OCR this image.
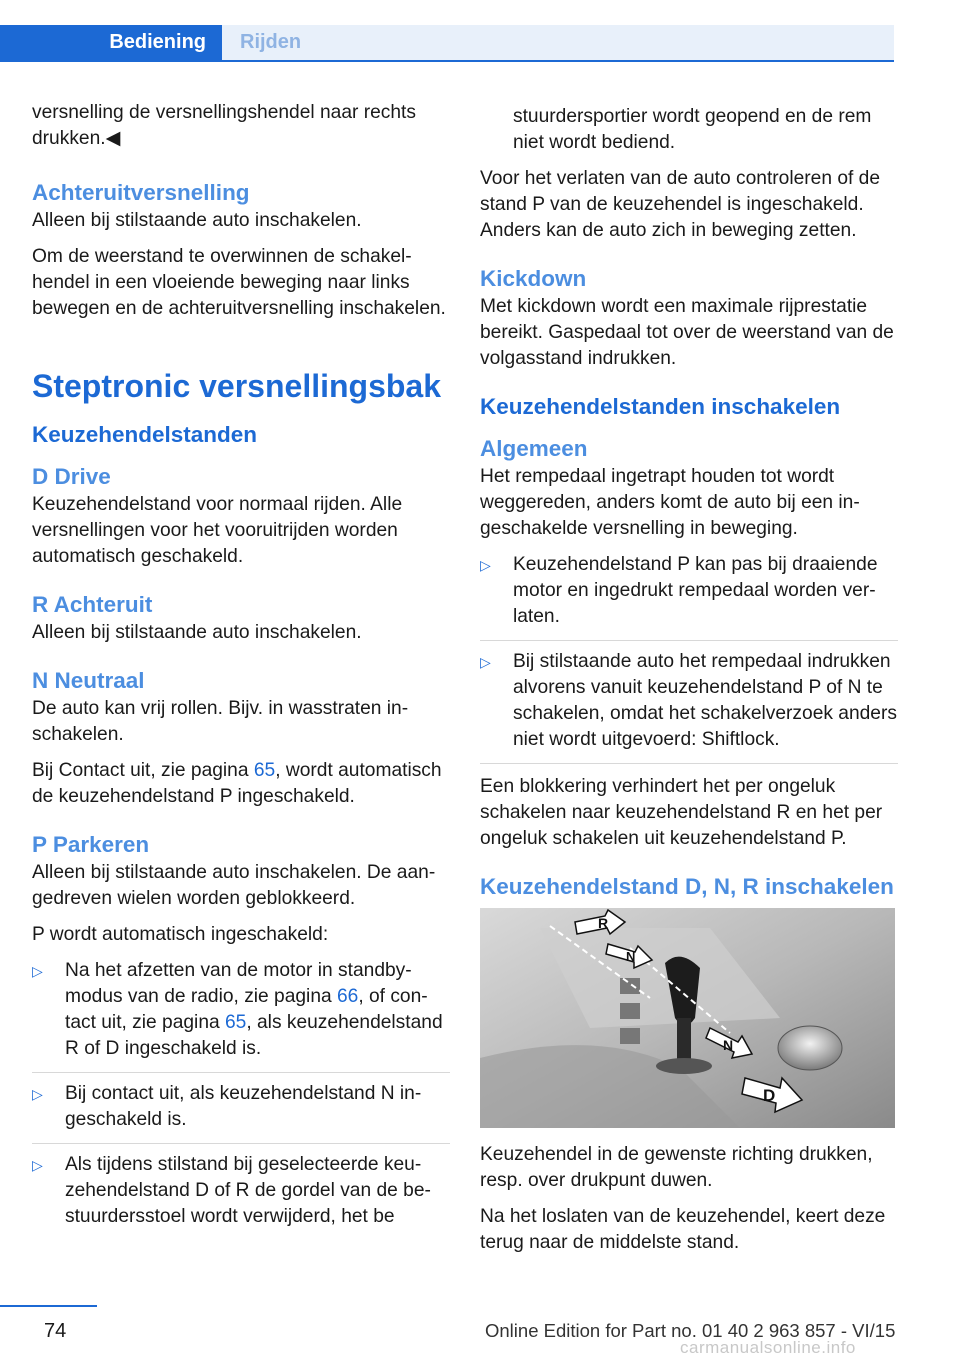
Bediening	Rijden

versnelling de versnellingshendel naar rechts drukken.◀

Achteruitversnelling

Alleen bij stilstaande auto inschakelen.

Om de weerstand te overwinnen de schakelhendel in een vloeiende beweging naar links bewegen en de achteruitversnelling inschakelen.

Steptronic versnellingsbak
Keuzehendelstanden
D Drive

Keuzehendelstand voor normaal rijden. Alle versnellingen voor het vooruitrijden worden automatisch geschakeld.

R Achteruit

Alleen bij stilstaande auto inschakelen.

N Neutraal

De auto kan vrij rollen. Bijv. in wasstraten inschakelen.

Bij Contact uit, zie pagina 65, wordt automatisch de keuzehendelstand P ingeschakeld.

P Parkeren

Alleen bij stilstaande auto inschakelen. De aangedreven wielen worden geblokkeerd.

P wordt automatisch ingeschakeld:

▷ Na het afzetten van de motor in standbymodus van de radio, zie pagina 66, of contact uit, zie pagina 65, als keuzehendelstand R of D ingeschakeld is.
▷ Bij contact uit, als keuzehendelstand N ingeschakeld is.
▷ Als tijdens stilstand bij geselecteerde keuzehendelstand D of R de gordel van de bestuurdersstoel wordt verwijderd, het be

stuurdersportier wordt geopend en de rem niet wordt bediend.

Voor het verlaten van de auto controleren of de stand P van de keuzehendel is ingeschakeld. Anders kan de auto zich in beweging zetten.

Kickdown

Met kickdown wordt een maximale rijprestatie bereikt. Gaspedaal tot over de weerstand van de volgasstand indrukken.

Keuzehendelstanden inschakelen
Algemeen

Het rempedaal ingetrapt houden tot wordt weggereden, anders komt de auto bij een ingeschakelde versnelling in beweging.

▷ Keuzehendelstand P kan pas bij draaiende motor en ingedrukt rempedaal worden verlaten.
▷ Bij stilstaande auto het rempedaal indrukken alvorens vanuit keuzehendelstand P of N te schakelen, omdat het schakelverzoek anders niet wordt uitgevoerd: Shiftlock.

Een blokkering verhindert het per ongeluk schakelen naar keuzehendelstand R en het per ongeluk schakelen uit keuzehendelstand P.

Keuzehendelstand D, N, R inschakelen
R
N
N
D

Keuzehendel in de gewenste richting drukken, resp. over drukpunt duwen.

Na het loslaten van de keuzehendel, keert deze terug naar de middelste stand.

74	Online Edition for Part no. 01 40 2 963 857 - VI/15
carmanualsonline.info
